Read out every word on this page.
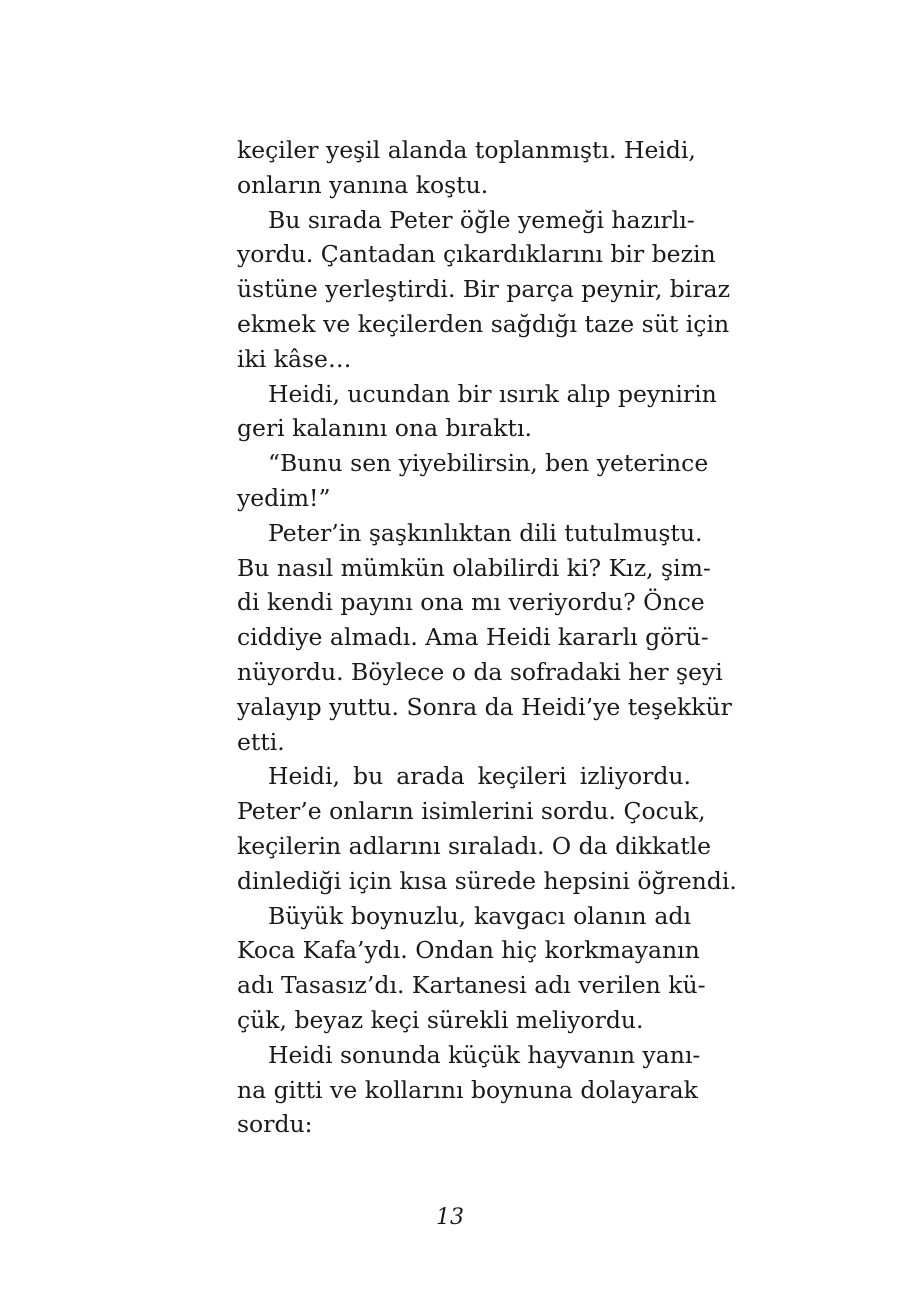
keçiler yeşil alanda toplanmıştı. Heidi,
onların yanına koştu.
Bu sırada Peter öğle yemeği hazırlı-
yordu. Çantadan çıkardıklarını bir bezin
üstüne yerleştirdi. Bir parça peynir, biraz
ekmek ve keçilerden sağdığı taze süt için
iki kâse…
Heidi, ucundan bir ısırık alıp peynirin
geri kalanını ona bıraktı.
“Bunu sen yiyebilirsin, ben yeterince
yedim!”
Peter’in şaşkınlıktan dili tutulmuştu.
Bu nasıl mümkün olabilirdi ki? Kız, şim-
di kendi payını ona mı veriyordu? Önce
ciddiye almadı. Ama Heidi kararlı görü-
nüyordu. Böylece o da sofradaki her şeyi
yalayıp yuttu. Sonra da Heidi’ye teşekkür
etti.
Heidi, bu arada keçileri izliyordu.
Peter’e onların isimlerini sordu. Çocuk,
keçilerin adlarını sıraladı. O da dikkatle
dinlediği için kısa sürede hepsini öğrendi.
Büyük boynuzlu, kavgacı olanın adı
Koca Kafa’ydı. Ondan hiç korkmayanın
adı Tasasız’dı. Kartanesi adı verilen kü-
çük, beyaz keçi sürekli meliyordu.
Heidi sonunda küçük hayvanın yanı-
na gitti ve kollarını boynuna dolayarak
sordu:
13
